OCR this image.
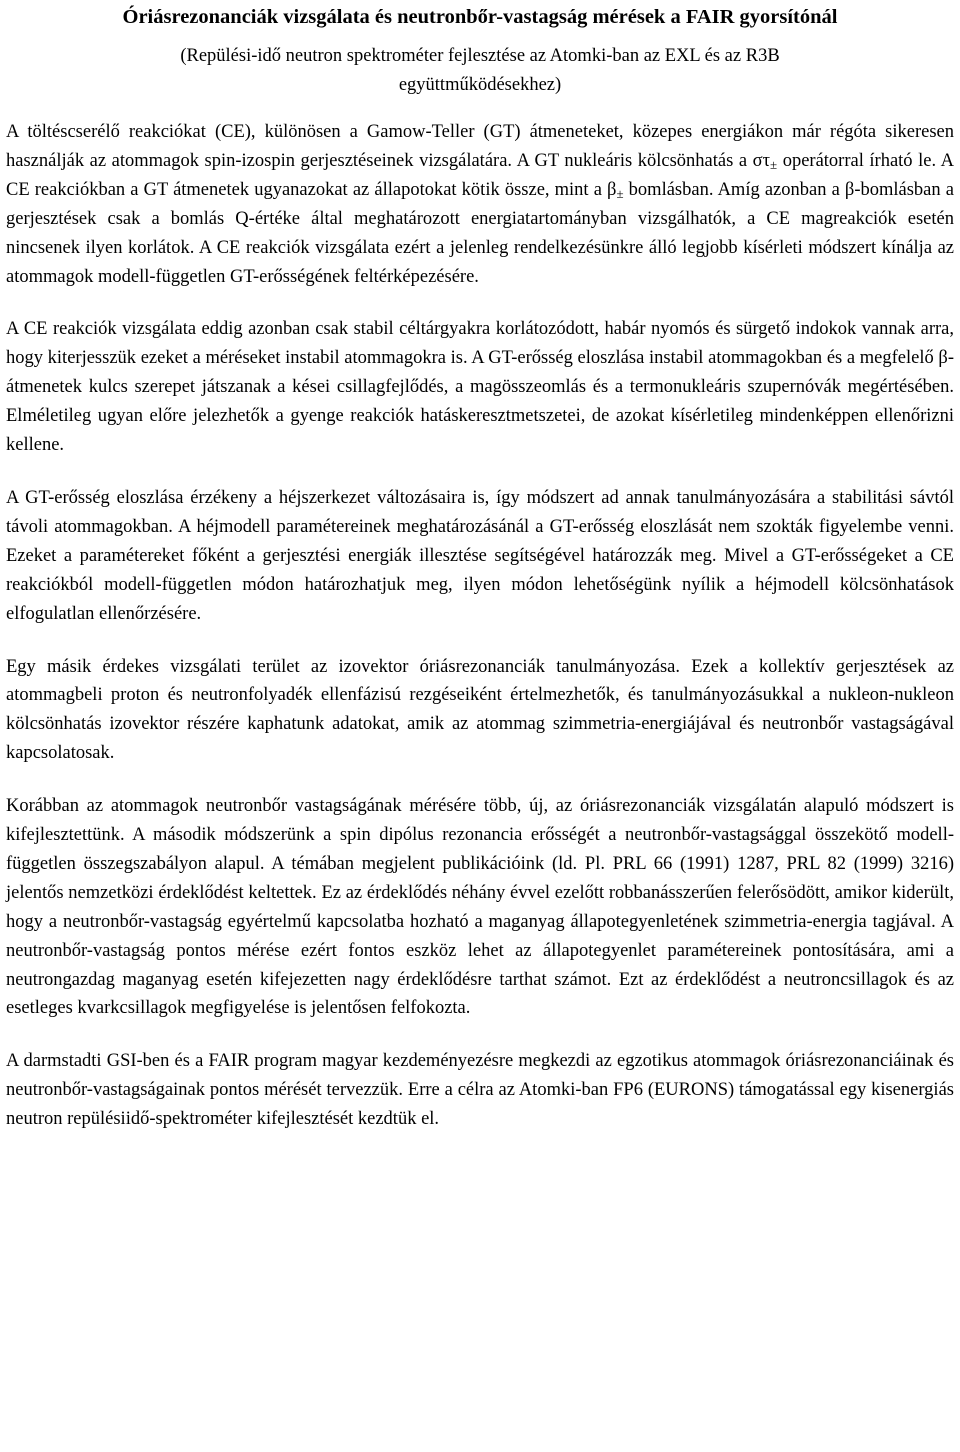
Óriásrezonanciák vizsgálata és neutronbőr-vastagság mérések a FAIR gyorsítónál
(Repülési-idő neutron spektrométer fejlesztése az Atomki-ban az EXL és az R3B
együttműködésekhez)

A töltéscserélő reakciókat (CE), különösen a Gamow-Teller (GT) átmeneteket, közepes energiákon már régóta sikeresen használják az atommagok spin-izospin gerjesztéseinek vizsgálatára. A GT nukleáris kölcsönhatás a $\sigma\tau_\pm$ operátorral írható le. A CE reakciókban a GT átmenetek ugyanazokat az állapotokat kötik össze, mint a $\beta_\pm$ bomlásban. Amíg azonban a β-bomlásban a gerjesztések csak a bomlás Q-értéke által meghatározott energiatartományban vizsgálhatók, a CE magreakciók esetén nincsenek ilyen korlátok. A CE reakciók vizsgálata ezért a jelenleg rendelkezésünkre álló legjobb kísérleti módszert kínálja az atommagok modell-független GT-erősségének feltérképezésére.

A CE reakciók vizsgálata eddig azonban csak stabil céltárgyakra korlátozódott, habár nyomós és sürgető indokok vannak arra, hogy kiterjesszük ezeket a méréseket instabil atommagokra is. A GT-erősség eloszlása instabil atommagokban és a megfelelő β-átmenetek kulcs szerepet játszanak a kései csillagfejlődés, a magösszeomlás és a termonukleáris szupernóvák megértésében. Elméletileg ugyan előre jelezhetők a gyenge reakciók hatáskeresztmetszetei, de azokat kísérletileg mindenképpen ellenőrizni kellene.

A GT-erősség eloszlása érzékeny a héjszerkezet változásaira is, így módszert ad annak tanulmányozására a stabilitási sávtól távoli atommagokban. A héjmodell paramétereinek meghatározásánál a GT-erősség eloszlását nem szokták figyelembe venni. Ezeket a paramétereket főként a gerjesztési energiák illesztése segítségével határozzák meg. Mivel a GT-erősségeket a CE reakciókból modell-független módon határozhatjuk meg, ilyen módon lehetőségünk nyílik a héjmodell kölcsönhatások elfogulatlan ellenőrzésére.

Egy másik érdekes vizsgálati terület az izovektor óriásrezonanciák tanulmányozása. Ezek a kollektív gerjesztések az atommagbeli proton és neutronfolyadék ellenfázisú rezgéseiként értelmezhetők, és tanulmányozásukkal a nukleon-nukleon kölcsönhatás izovektor részére kaphatunk adatokat, amik az atommag szimmetria-energiájával és neutronbőr vastagságával kapcsolatosak.

Korábban az atommagok neutronbőr vastagságának mérésére több, új, az óriásrezonanciák vizsgálatán alapuló módszert is kifejlesztettünk. A második módszerünk a spin dipólus rezonancia erősségét a neutronbőr-vastagsággal összekötő modell-független összegszabályon alapul. A témában megjelent publikációink (ld. Pl. PRL 66 (1991) 1287, PRL 82 (1999) 3216) jelentős nemzetközi érdeklődést keltettek. Ez az érdeklődés néhány évvel ezelőtt robbanásszerűen felerősödött, amikor kiderült, hogy a neutronbőr-vastagság egyértelmű kapcsolatba hozható a maganyag állapotegyenletének szimmetria-energia tagjával. A neutronbőr-vastagság pontos mérése ezért fontos eszköz lehet az állapotegyenlet paramétereinek pontosítására, ami a neutrongazdag maganyag esetén kifejezetten nagy érdeklődésre tarthat számot. Ezt az érdeklődést a neutroncsillagok és az esetleges kvarkcsillagok megfigyelése is jelentősen felfokozta.

A darmstadti GSI-ben és a FAIR program magyar kezdeményezésre megkezdi az egzotikus atommagok óriásrezonanciáinak és neutronbőr-vastagságainak pontos mérését tervezzük. Erre a célra az Atomki-ban FP6 (EURONS) támogatással egy kisenergiás neutron repülésiidő-spektrométer kifejlesztését kezdtük el.
